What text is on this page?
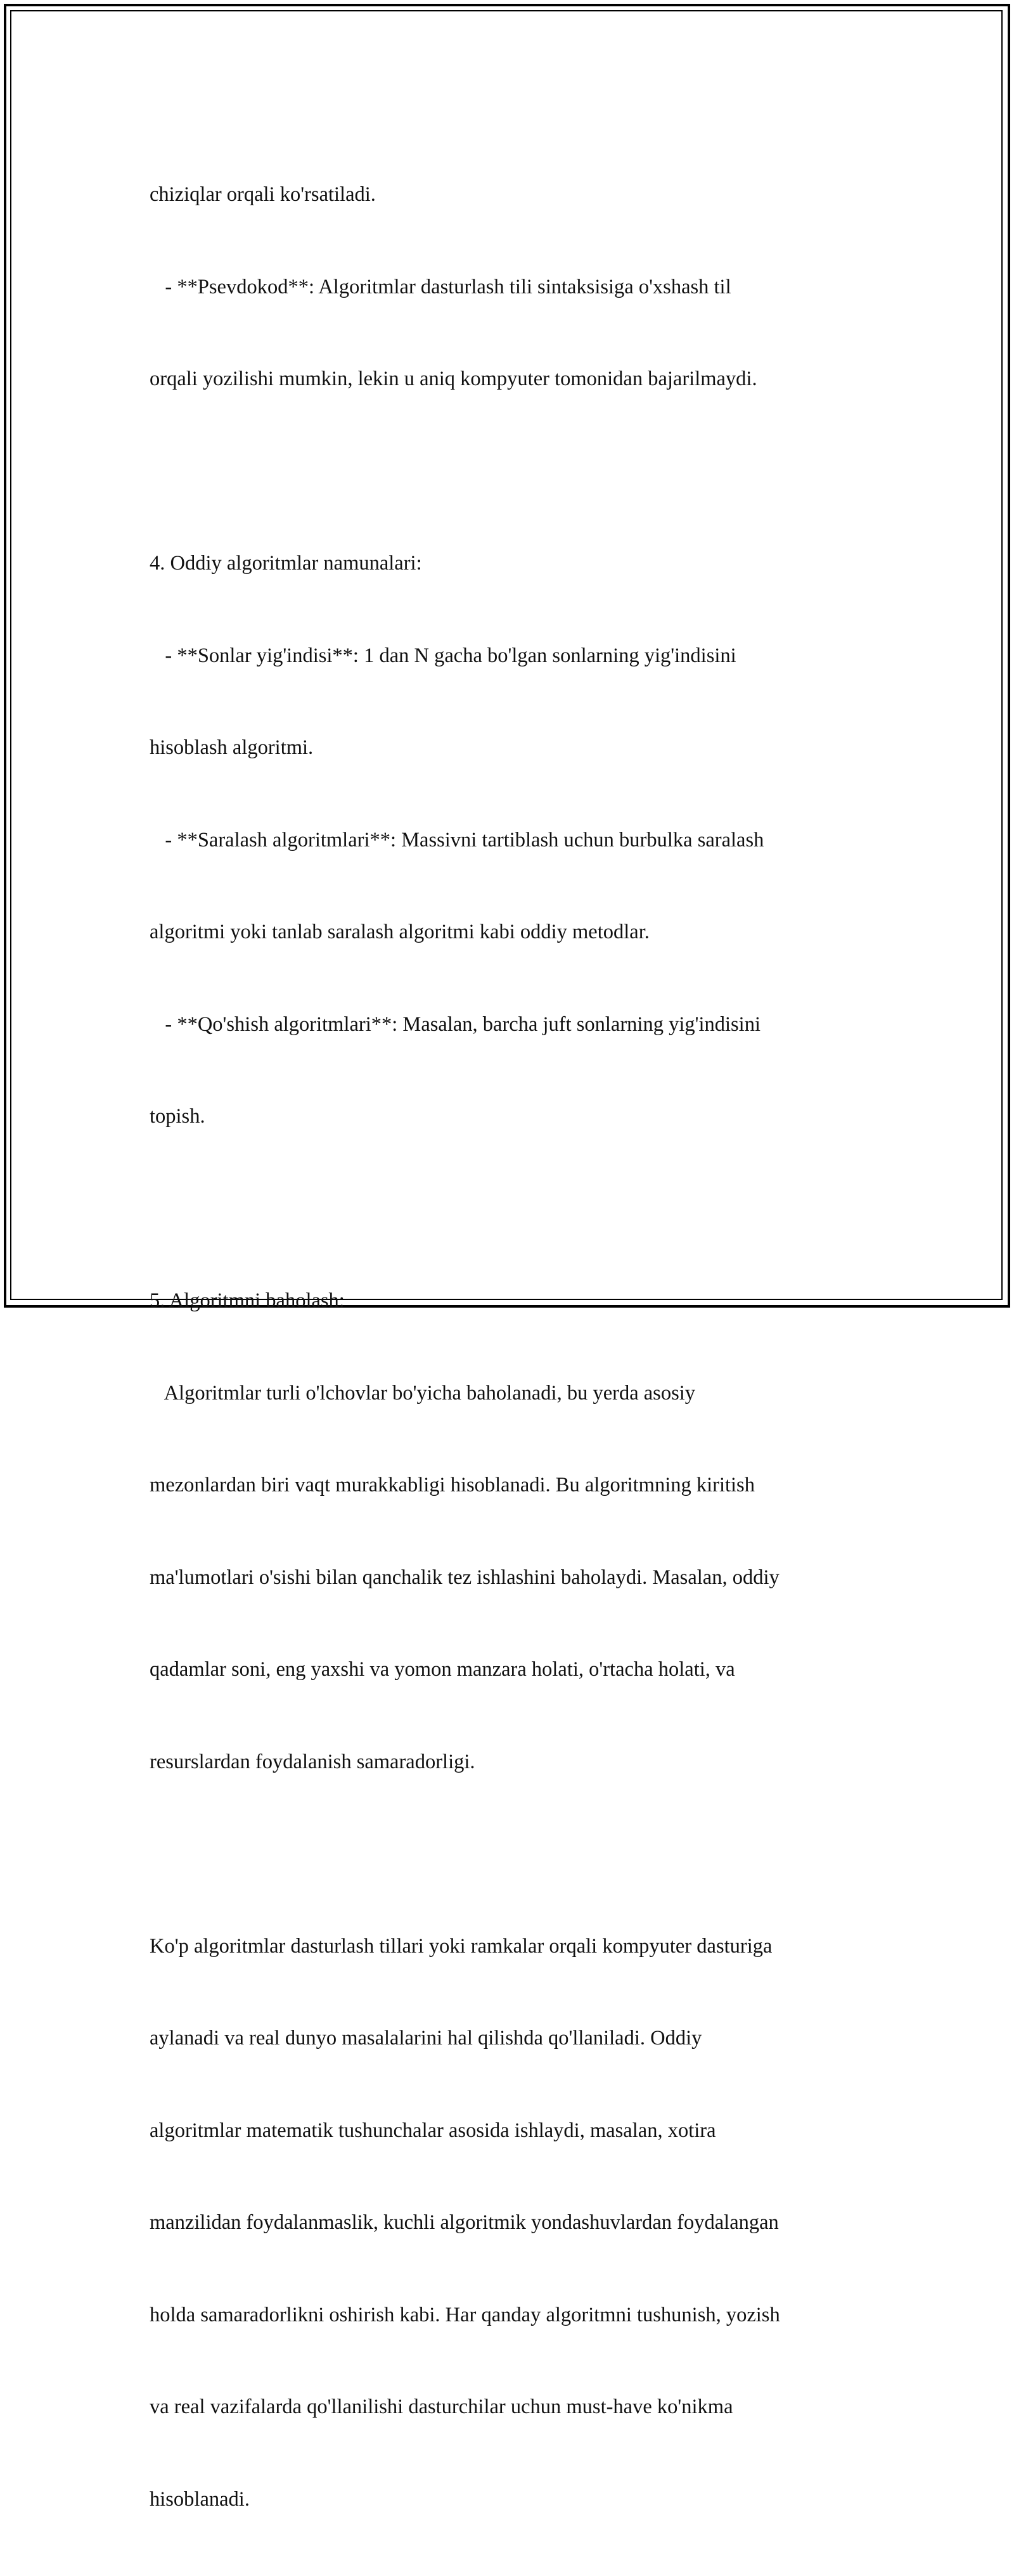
chiziqlar orqali ko'rsatiladi.

- **Psevdokod**: Algoritmlar dasturlash tili sintaksisiga o'xshash til

orqali yozilishi mumkin, lekin u aniq kompyuter tomonidan bajarilmaydi.

4. Oddiy algoritmlar namunalari:

- **Sonlar yig'indisi**: 1 dan N gacha bo'lgan sonlarning yig'indisini

hisoblash algoritmi.

- **Saralash algoritmlari**: Massivni tartiblash uchun burbulka saralash

algoritmi yoki tanlab saralash algoritmi kabi oddiy metodlar.

- **Qo'shish algoritmlari**: Masalan, barcha juft sonlarning yig'indisini

topish.

5. Algoritmni baholash:

Algoritmlar turli o'lchovlar bo'yicha baholanadi, bu yerda asosiy

mezonlardan biri vaqt murakkabligi hisoblanadi. Bu algoritmning kiritish

ma'lumotlari o'sishi bilan qanchalik tez ishlashini baholaydi. Masalan, oddiy

qadamlar soni, eng yaxshi va yomon manzara holati, o'rtacha holati, va

resurslardan foydalanish samaradorligi.

Ko'p algoritmlar dasturlash tillari yoki ramkalar orqali kompyuter dasturiga

aylanadi va real dunyo masalalarini hal qilishda qo'llaniladi. Oddiy

algoritmlar matematik tushunchalar asosida ishlaydi, masalan, xotira

manzilidan foydalanmaslik, kuchli algoritmik yondashuvlardan foydalangan

holda samaradorlikni oshirish kabi. Har qanday algoritmni tushunish, yozish

va real vazifalarda qo'llanilishi dasturchilar uchun must-have ko'nikma

hisoblanadi.
